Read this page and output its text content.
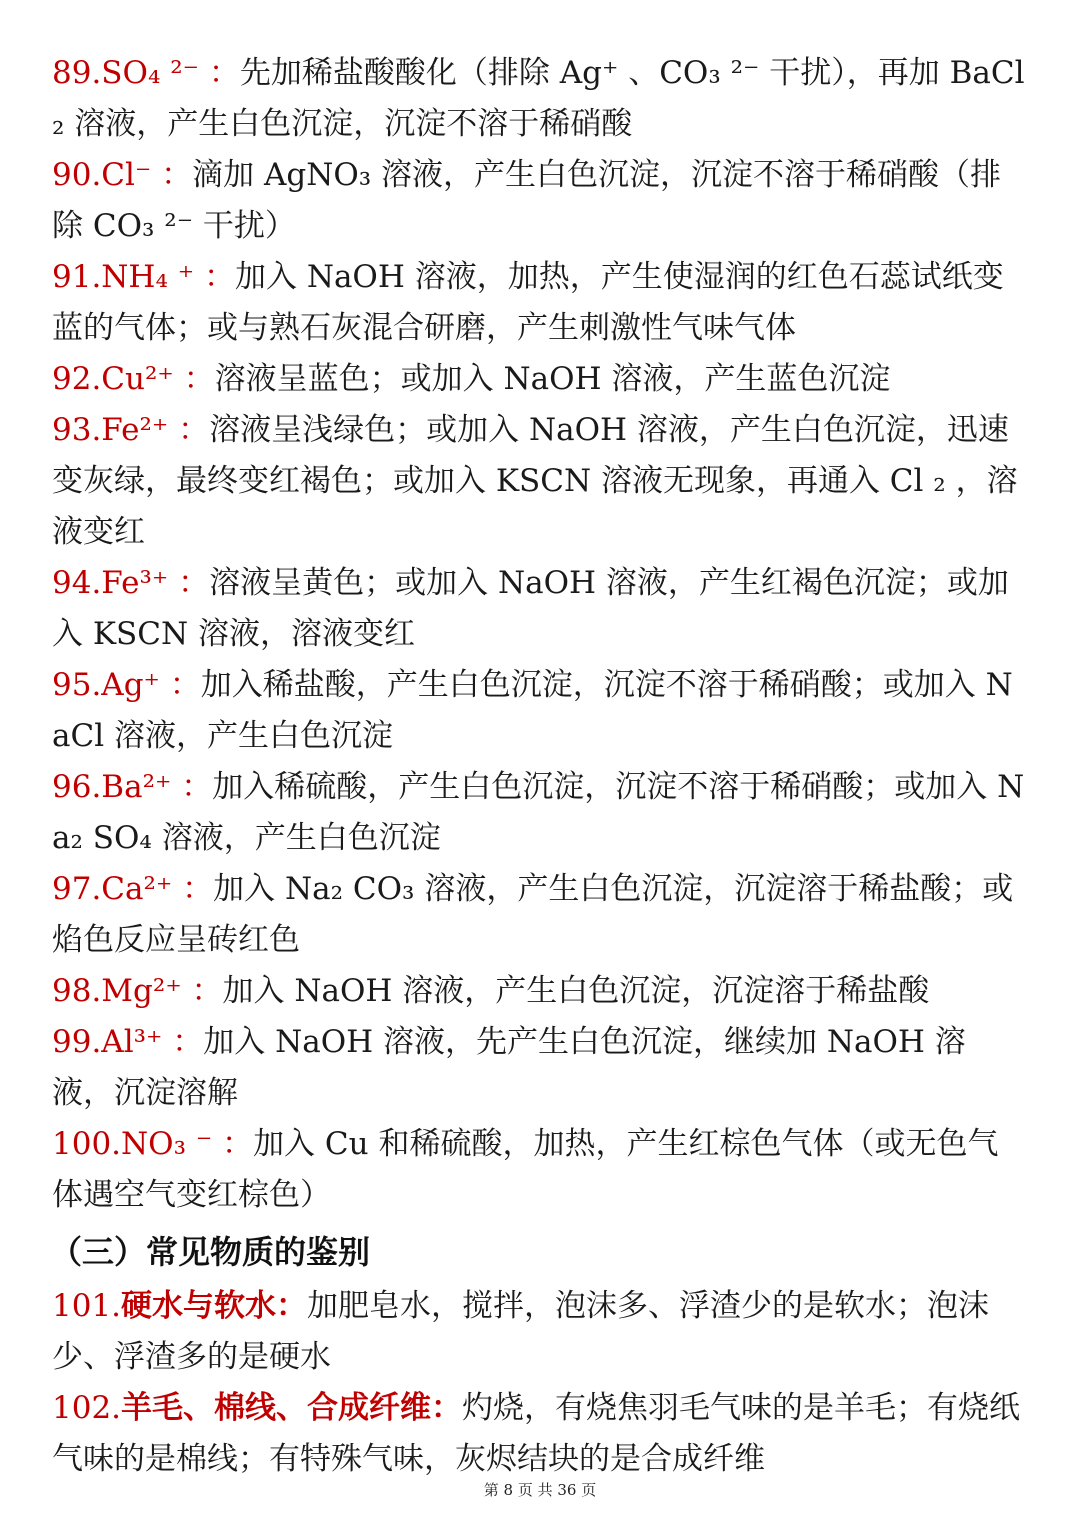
89.SO₄ ²⁻ ：先加稀盐酸酸化（排除 Ag⁺ 、CO₃ ²⁻ 干扰），再加 BaCl₂ 溶液，产生白色沉淀，沉淀不溶于稀硝酸

90.Cl⁻ ：滴加 AgNO₃ 溶液，产生白色沉淀，沉淀不溶于稀硝酸（排除 CO₃ ²⁻ 干扰）

91.NH₄ ⁺ ：加入 NaOH 溶液，加热，产生使湿润的红色石蕊试纸变蓝的气体；或与熟石灰混合研磨，产生刺激性气味气体

92.Cu²⁺ ：溶液呈蓝色；或加入 NaOH 溶液，产生蓝色沉淀

93.Fe²⁺ ：溶液呈浅绿色；或加入 NaOH 溶液，产生白色沉淀，迅速变灰绿，最终变红褐色；或加入 KSCN 溶液无现象，再通入 Cl ₂ ，溶液变红

94.Fe³⁺ ：溶液呈黄色；或加入 NaOH 溶液，产生红褐色沉淀；或加入 KSCN 溶液，溶液变红

95.Ag⁺ ：加入稀盐酸，产生白色沉淀，沉淀不溶于稀硝酸；或加入 NaCl 溶液，产生白色沉淀

96.Ba²⁺ ：加入稀硫酸，产生白色沉淀，沉淀不溶于稀硝酸；或加入 Na₂ SO₄ 溶液，产生白色沉淀

97.Ca²⁺ ：加入 Na₂ CO₃ 溶液，产生白色沉淀，沉淀溶于稀盐酸；或焰色反应呈砖红色

98.Mg²⁺ ：加入 NaOH 溶液，产生白色沉淀，沉淀溶于稀盐酸

99.Al³⁺ ：加入 NaOH 溶液，先产生白色沉淀，继续加 NaOH 溶液，沉淀溶解

100.NO₃ ⁻ ：加入 Cu 和稀硫酸，加热，产生红棕色气体（或无色气体遇空气变红棕色）

（三）常见物质的鉴别

101.硬水与软水：加肥皂水，搅拌，泡沫多、浮渣少的是软水；泡沫少、浮渣多的是硬水

102.羊毛、棉线、合成纤维：灼烧，有烧焦羽毛气味的是羊毛；有烧纸气味的是棉线；有特殊气味，灰烬结块的是合成纤维

第 8 页 共 36 页
